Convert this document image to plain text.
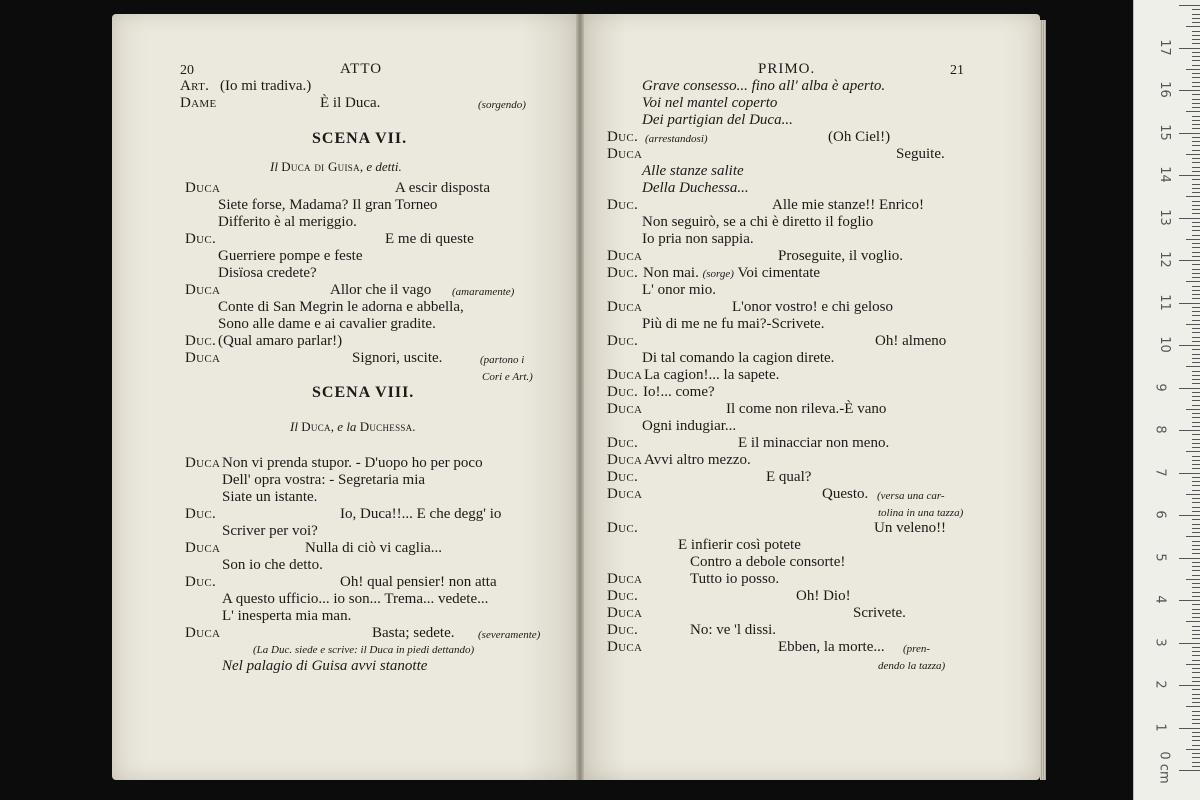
20	ATTO
Art. (Io mi tradiva.)
Dame	È il Duca.	(sorgendo)
SCENA VII.
Il Duca di Guisa, e detti.
Duca	A escir disposta
Siete forse, Madama? Il gran Torneo
Differito è al meriggio.
Duc.	E me di queste
Guerriere pompe e feste
Disïosa credete?
Duca	Allor che il vago (amaramente)
Conte di San Megrin le adorna e abbella,
Sono alle dame e ai cavalier gradite.
Duc. (Qual amaro parlar!)
Duca	Signori, uscite.	(partono i
Cori e Art.)
SCENA VIII.
Il Duca, e la Duchessa.
Duca Non vi prenda stupor. - D'uopo ho per poco
Dell' opra vostra: - Segretaria mia
Siate un istante.
Duc.	Io, Duca!!... E che degg' io
Scriver per voi?
Duca	Nulla di ciò vi caglia...
Son io che detto.
Duc.	Oh! qual pensier! non atta
A questo ufficio... io son... Trema... vedete...
L' inesperta mia man.
Duca	Basta; sedete. (severamente)
(La Duc. siede e scrive: il Duca in piedi dettando)
Nel palagio di Guisa avvi stanotte
PRIMO.	21
Grave consesso... fino all' alba è aperto.
Voi nel mantel coperto
Dei partigian del Duca...
Duc. (arrestandosi)	(Oh Ciel!)
Duca	Seguite.
Alle stanze salite
Della Duchessa...
Duc.	Alle mie stanze!! Enrico!
Non seguirò, se a chi è diretto il foglio
Io pria non sappia.
Duca	Proseguite, il voglio.
Duc. Non mai. (sorge) Voi cimentate
L' onor mio.
Duca	L'onor vostro! e chi geloso
Più di me ne fu mai?-Scrivete.
Duc.	Oh! almeno
Di tal comando la cagion direte.
Duca La cagion!... la sapete.
Duc. Io!... come?
Duca	Il come non rileva.-È vano
Ogni indugiar...
Duc.	E il minacciar non meno.
Duca Avvi altro mezzo.
Duc.	E qual?
Duca	Questo. (versa una car-
tolina in una tazza)
Duc.	Un veleno!!
E infierir così potete
Contro a debole consorte!
Duca	Tutto io posso.
Duc.	Oh! Dio!
Duca	Scrivete.
Duc.	No: ve 'l dissi.
Duca	Ebben, la morte... (pren-
dendo la tazza)
0 cm
1
2
3
4
5
6
7
8
9
10
11
12
13
14
15
16
17
